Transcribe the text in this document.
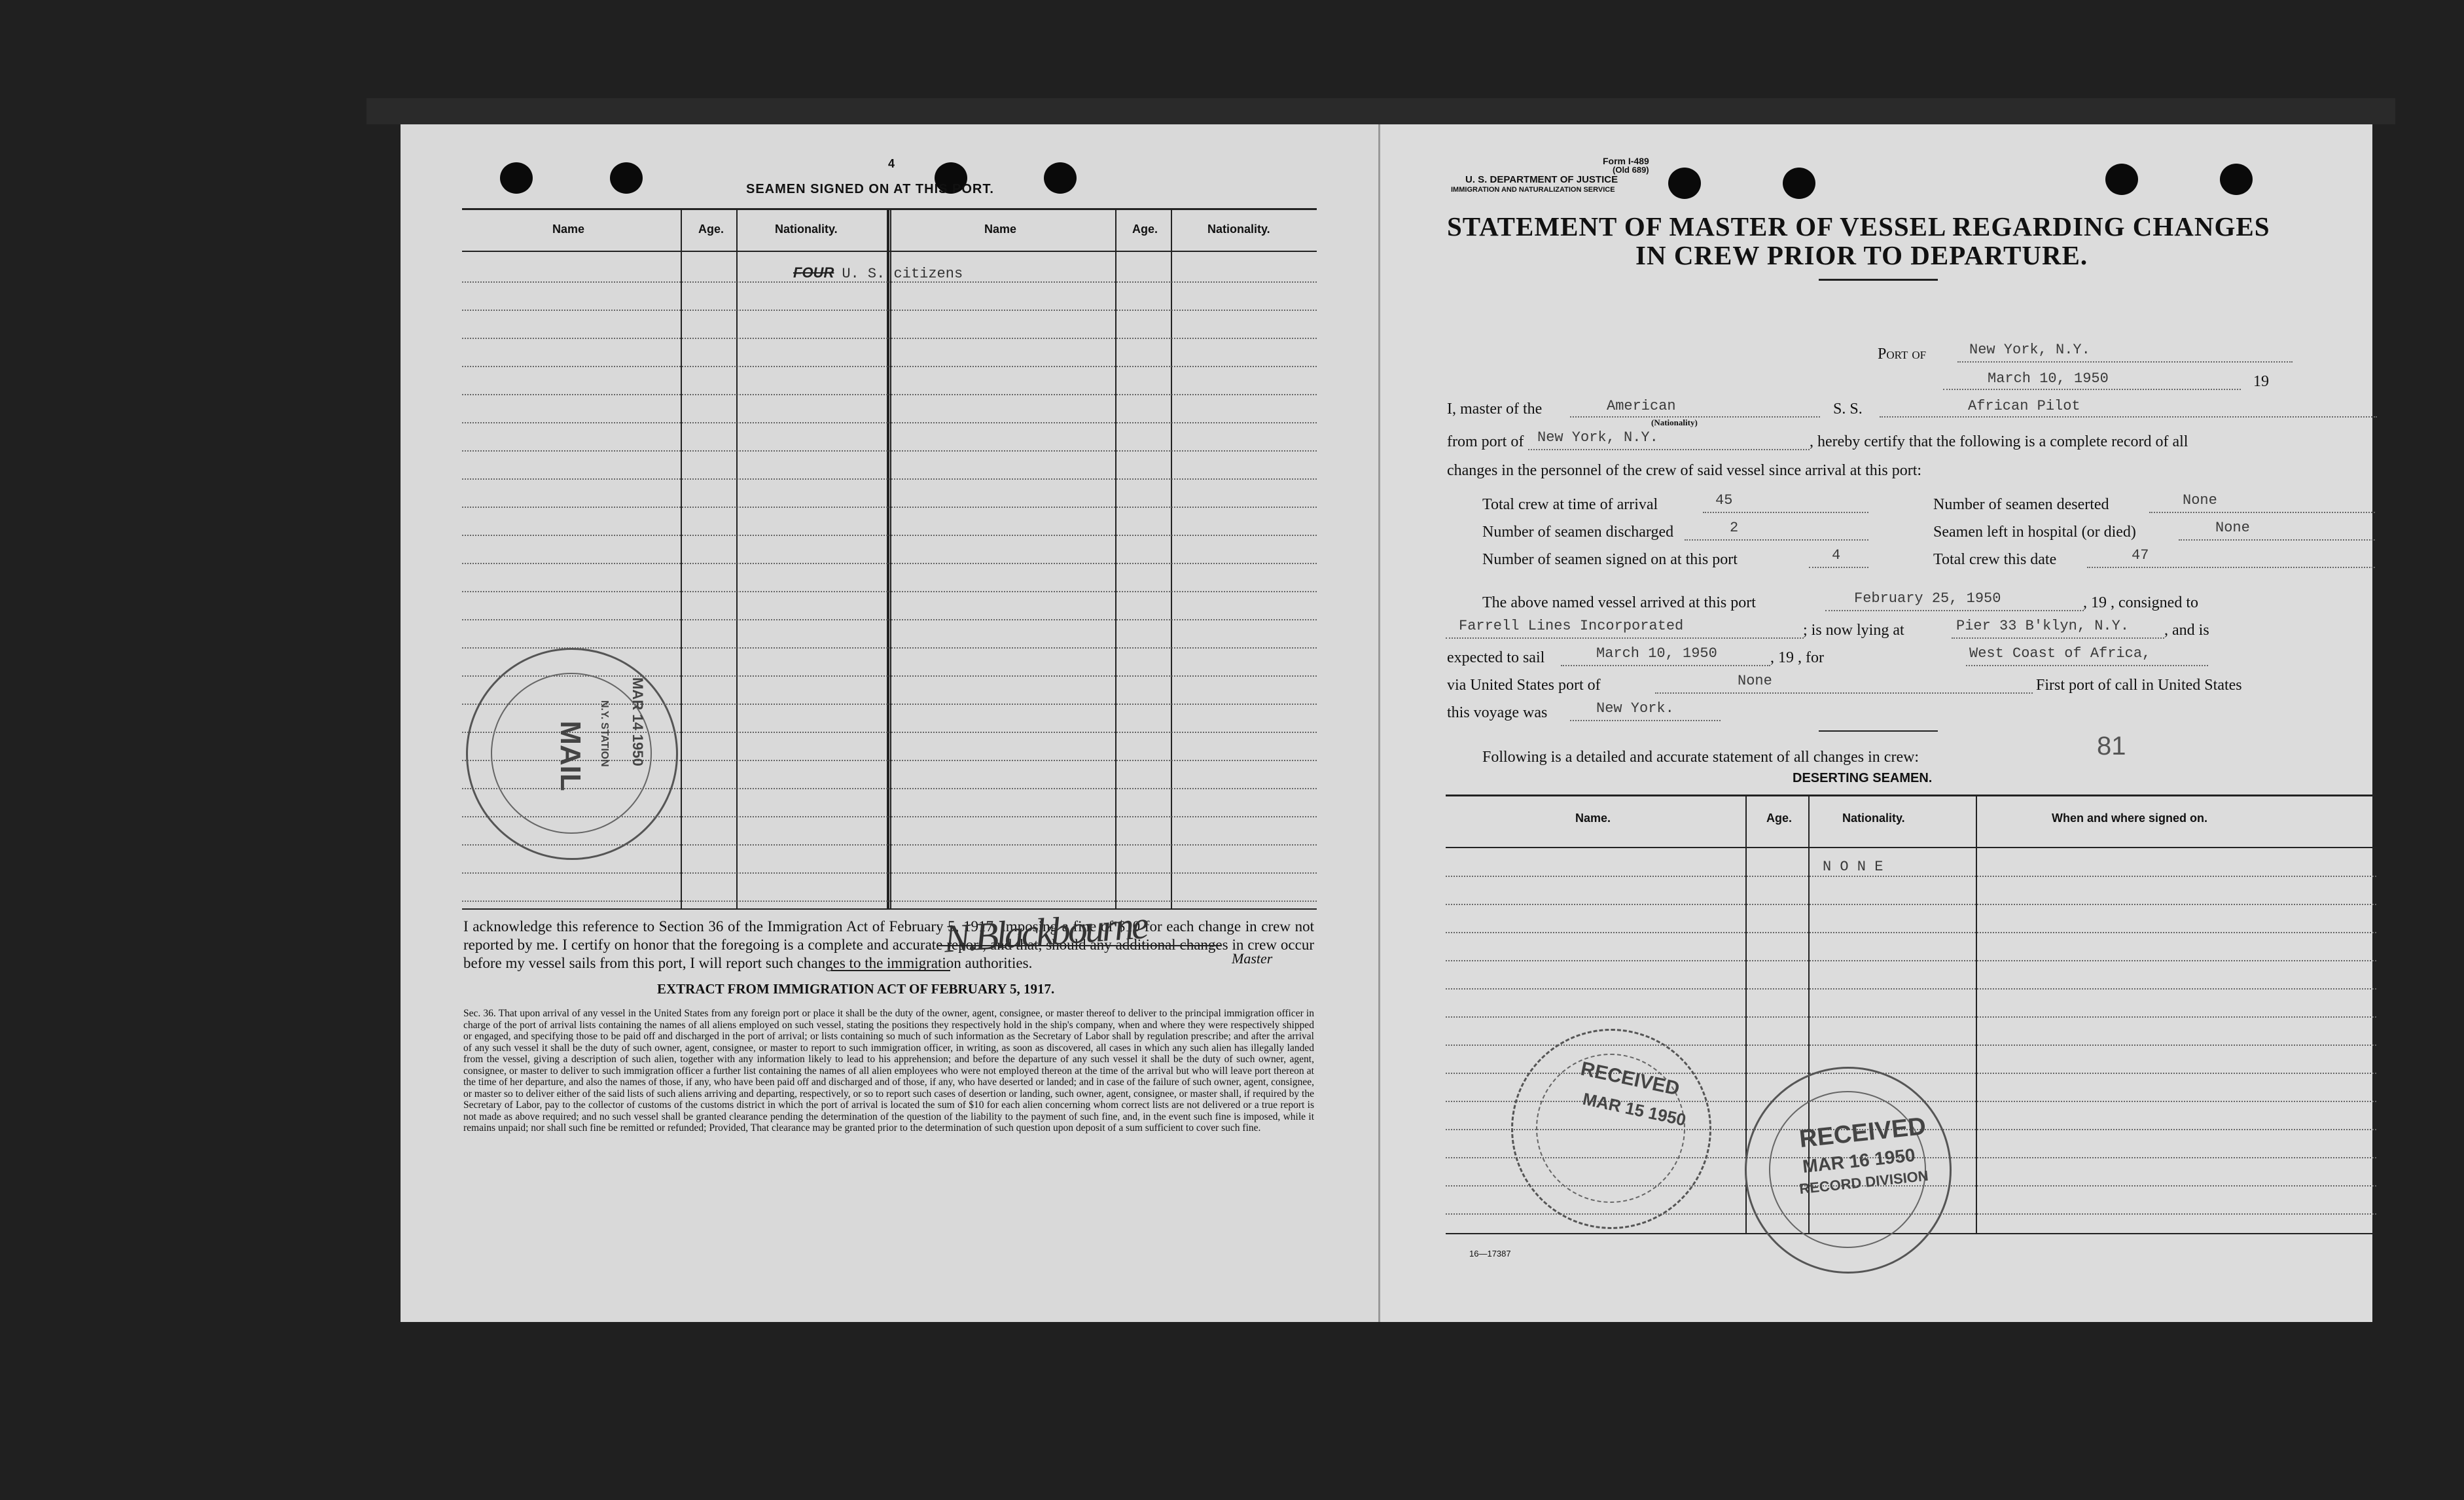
4
SEAMEN SIGNED ON AT THIS PORT.
Name	Age.	Nationality.	Name	Age.	Nationality.
FOUR U. S. citizens
MAIL	MAR 14 1950
N.Y. STATION
I acknowledge this reference to Section 36 of the Immigration Act of February 5, 1917, imposing a fine of $10 for each change in crew not reported by me. I certify on honor that the foregoing is a complete and accurate report, and that, should any additional changes in crew occur before my vessel sails from this port, I will report such changes to the immigration authorities.
N.Blackbourne	Master
EXTRACT FROM IMMIGRATION ACT OF FEBRUARY 5, 1917.
Sec. 36. That upon arrival of any vessel in the United States from any foreign port or place it shall be the duty of the owner, agent, consignee, or master thereof to deliver to the principal immigration officer in charge of the port of arrival lists containing the names of all aliens employed on such vessel, stating the positions they respectively hold in the ship's company, when and where they were respectively shipped or engaged, and specifying those to be paid off and discharged in the port of arrival; or lists containing so much of such information as the Secretary of Labor shall by regulation prescribe; and after the arrival of any such vessel it shall be the duty of such owner, agent, consignee, or master to report to such immigration officer, in writing, as soon as discovered, all cases in which any such alien has illegally landed from the vessel, giving a description of such alien, together with any information likely to lead to his apprehension; and before the departure of any such vessel it shall be the duty of such owner, agent, consignee, or master to deliver to such immigration officer a further list containing the names of all alien employees who were not employed thereon at the time of the arrival but who will leave port thereon at the time of her departure, and also the names of those, if any, who have been paid off and discharged and of those, if any, who have deserted or landed; and in case of the failure of such owner, agent, consignee, or master so to deliver either of the said lists of such aliens arriving and departing, respectively, or so to report such cases of desertion or landing, such owner, agent, consignee, or master shall, if required by the Secretary of Labor, pay to the collector of customs of the customs district in which the port of arrival is located the sum of $10 for each alien concerning whom correct lists are not delivered or a true report is not made as above required; and no such vessel shall be granted clearance pending the determination of the question of the liability to the payment of such fine, and, in the event such fine is imposed, while it remains unpaid; nor shall such fine be remitted or refunded; Provided, That clearance may be granted prior to the determination of such question upon deposit of a sum sufficient to cover such fine.
Form I-489
(Old 689)
U. S. DEPARTMENT OF JUSTICE
IMMIGRATION AND NATURALIZATION SERVICE
STATEMENT OF MASTER OF VESSEL REGARDING CHANGES
IN CREW PRIOR TO DEPARTURE.
Port of	New York, N.Y.
March 10, 1950	19
I, master of the	American
(Nationality)
S. S.	African Pilot
from port of New York, N.Y.	, hereby certify that the following is a complete record of all
changes in the personnel of the crew of said vessel since arrival at this port:
Total crew at time of arrival	45	Number of seamen deserted	None
Number of seamen discharged	2	Seamen left in hospital (or died)	None
Number of seamen signed on at this port	4	Total crew this date	47
The above named vessel arrived at this port	February 25, 1950	, 19 , consigned to
Farrell Lines Incorporated	; is now lying at	Pier 33 B'klyn, N.Y. , and is
expected to sail	March 10, 1950	, 19 , for	West Coast of Africa,
via United States port of	None	First port of call in United States
this voyage was	New York.
Following is a detailed and accurate statement of all changes in crew:	81
DESERTING SEAMEN.
Name.	Age.	Nationality.	When and where signed on.
N O N E
16—17387
RECEIVED
MAR 15 1950
RECEIVED
MAR 16 1950
RECORD DIVISION
